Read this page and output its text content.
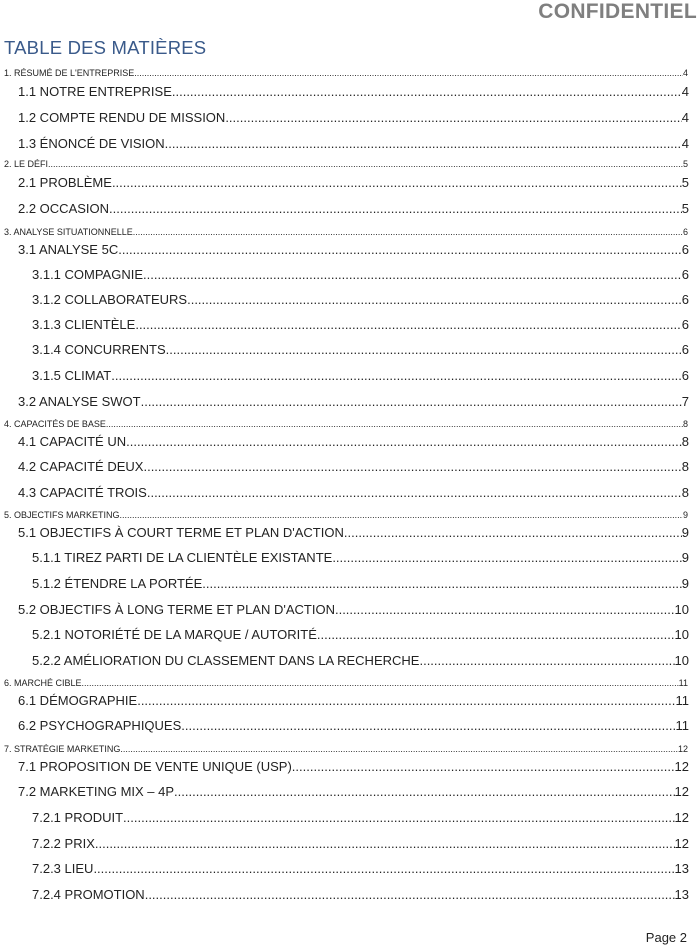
CONFIDENTIEL
TABLE DES MATIÈRES
1. RÉSUMÉ DE L'ENTREPRISE .....	4
1.1 NOTRE ENTREPRISE .....	4
1.2 COMPTE RENDU DE MISSION .....	4
1.3 ÉNONCÉ DE VISION .....	4
2. LE DÉFI .....	5
2.1 PROBLÈME .....	5
2.2 OCCASION .....	5
3. ANALYSE SITUATIONNELLE .....	6
3.1 ANALYSE 5C .....	6
3.1.1 COMPAGNIE .....	6
3.1.2 COLLABORATEURS .....	6
3.1.3 CLIENTÈLE .....	6
3.1.4 CONCURRENTS .....	6
3.1.5 CLIMAT .....	6
3.2 ANALYSE SWOT .....	7
4. CAPACITÉS DE BASE .....	8
4.1 CAPACITÉ UN .....	8
4.2 CAPACITÉ DEUX .....	8
4.3 CAPACITÉ TROIS .....	8
5. OBJECTIFS MARKETING .....	9
5.1 OBJECTIFS À COURT TERME ET PLAN D'ACTION .....	9
5.1.1 TIREZ PARTI DE LA CLIENTÈLE EXISTANTE .....	9
5.1.2 ÉTENDRE LA PORTÉE .....	9
5.2 OBJECTIFS À LONG TERME ET PLAN D'ACTION .....	10
5.2.1 NOTORIÉTÉ DE LA MARQUE / AUTORITÉ .....	10
5.2.2 AMÉLIORATION DU CLASSEMENT DANS LA RECHERCHE .....	10
6. MARCHÉ CIBLE .....	11
6.1 DÉMOGRAPHIE .....	11
6.2 PSYCHOGRAPHIQUES .....	11
7. STRATÉGIE MARKETING .....	12
7.1 PROPOSITION DE VENTE UNIQUE (USP) .....	12
7.2 MARKETING MIX – 4P .....	12
7.2.1 PRODUIT .....	12
7.2.2 PRIX .....	12
7.2.3 LIEU .....	13
7.2.4 PROMOTION .....	13
Page 2
